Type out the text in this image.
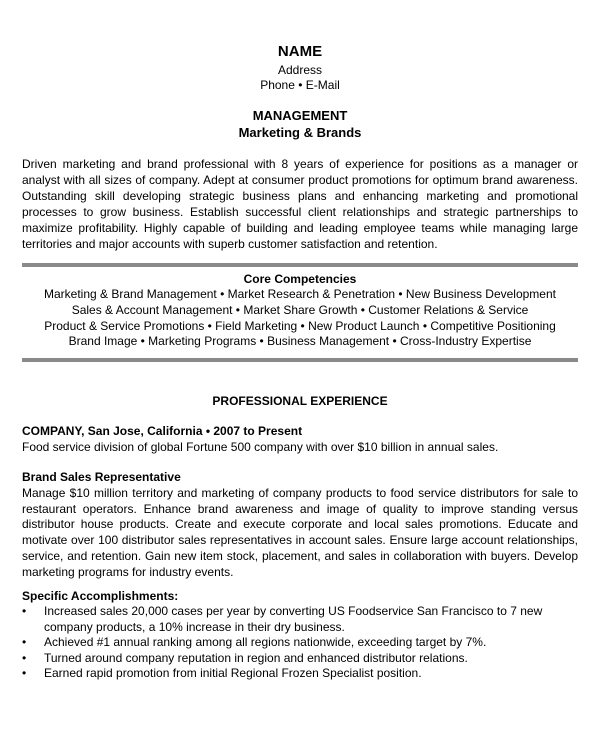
NAME
Address
Phone • E-Mail
MANAGEMENT
Marketing & Brands
Driven marketing and brand professional with 8 years of experience for positions as a manager or analyst with all sizes of company. Adept at consumer product promotions for optimum brand awareness. Outstanding skill developing strategic business plans and enhancing marketing and promotional processes to grow business. Establish successful client relationships and strategic partnerships to maximize profitability. Highly capable of building and leading employee teams while managing large territories and major accounts with superb customer satisfaction and retention.
Core Competencies
Marketing & Brand Management • Market Research & Penetration • New Business Development
Sales & Account Management • Market Share Growth • Customer Relations & Service
Product & Service Promotions • Field Marketing • New Product Launch • Competitive Positioning
Brand Image • Marketing Programs • Business Management • Cross-Industry Expertise
PROFESSIONAL EXPERIENCE
COMPANY, San Jose, California • 2007 to Present
Food service division of global Fortune 500 company with over $10 billion in annual sales.
Brand Sales Representative
Manage $10 million territory and marketing of company products to food service distributors for sale to restaurant operators. Enhance brand awareness and image of quality to improve standing versus distributor house products. Create and execute corporate and local sales promotions. Educate and motivate over 100 distributor sales representatives in account sales. Ensure large account relationships, service, and retention. Gain new item stock, placement, and sales in collaboration with buyers. Develop marketing programs for industry events.
Specific Accomplishments:
• Increased sales 20,000 cases per year by converting US Foodservice San Francisco to 7 new company products, a 10% increase in their dry business.
• Achieved #1 annual ranking among all regions nationwide, exceeding target by 7%.
• Turned around company reputation in region and enhanced distributor relations.
• Earned rapid promotion from initial Regional Frozen Specialist position.
